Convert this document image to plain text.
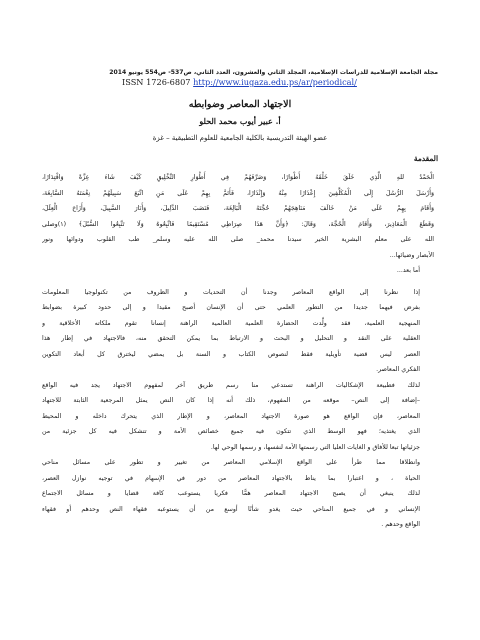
مجلة الجامعة الإسلامية للدراسات الإسلامية، المجلد الثاني والعشرون، العدد الثاني، ص537- ص554 يونيو 2014
ISSN 1726-6807 http://www.iugaza.edu.ps/ar/periodical/
الاجتهاد المعاصر وضوابطه
أ. عبير أيوب محمد الحلو
عضو الهيئة التدريسية بالكلية الجامعية للعلوم التطبيقية – غزة
المقدمة
الْحَمْدُ للهِ الَّذِي خَلَقَ خَلْقَهُ أَطْوَارًا، وَصَرَّفَهُمْ فِي أَطْوَارِ التَّخْلِيقِ كَيْفَ شَاءَ عِزَّةً وَاقْتِدَارًا،
وَأَرْسَلَ الرُّسُلَ إِلَى الْمُكَلَّفِينَ إِعْذَارًا مِنْهُ وَإِنْذَارًا، فَأَتَمَّ بِهِمْ عَلَى مَنِ اتَّبَعَ سَبِيلَهُمْ نِعْمَتَهُ السَّابِغَةَ،
وَأَقَامَ بِهِمْ عَلَى مَنْ خَالَفَ مَنَاهِجَهُمْ حُجَّتَهُ الْبَالِغَةَ، فَنَصَبَ الدَّلِيلَ، وَأَنَارَ السَّبِيلَ، وَأَزَاحَ الْعِلَلَ،
وَقَطَعَ الْمَعَاذِيرَ، وَأَقَامَ الْحُجَّةَ، وَقَالَ: ﴿وَأَنَّ هَذَا صِرَاطِي مُسْتَقِيمًا فَاتَّبِعُوهُ وَلَا تَتَّبِعُوا السُّبُلَ﴾ (١)وصلى
الله على معلم البشرية الخير سيدنا محمد_ صلى الله عليه وسلم_ طب القلوب ودوائها ونور
الأبصار وضيائها...
أما بعد...
إذا نظرنا إلى الواقع المعاصر وجدنا أن التحديات و الظروف من تكنولوجيا المعلومات
بفرض فيهما جديدا من التطور العلمي حتى أن الإنسان أصبح مقيدا و إلى حدود كبيرة بضوابط
المنهجية العلمية، فقد ولَّدت الحضارة العلمية العالمية الراهنة إنسانا تقوم ملكاته الأخلاقية و
العقلية على النقد و التحليل و البحث و الارتباط بما يمكن التحقق منه، فالاجتهاد في إطار هذا
العصر ليس قضية تأويلية فقط لنصوص الكتاب و السنة بل يمضي ليخترق كل أبعاد التكوين
الفكري المعاصر.
لذلك فطبيعة الإشكاليات الراهنة تستدعي منا رسم طريق آخر لمفهوم الاجتهاد يجد فيه الواقع
–إضافة إلى النص– موقعه من المفهوم، ذلك أنه إذا كان النص يمثل المرجعية الثابتة للاجتهاد
المعاصر، فإن الواقع هو صورة الاجتهاد المعاصر، و الإطار الذي يتحرك داخله و المحيط
الذي يغتذيه؛ فهو الوسط الذي تتكون فيه جميع خصائص الأمة و تتشكل فيه كل جزئية من
جزئياتها تبعا للأفاق و الغايات العليا التي رسمتها الأمة لنفسها، و رسمها الوحي لها.
وانطلاقا مما طرأ على الواقع الإسلامي المعاصر من تغيير و تطور على مسائل مناحي
الحياة ، و اعتبارا بما يناط بالاجتهاد المعاصر من دور في الإسهام في توجيه نوازل العصر،
لذلك ينبغي أن يصبح الاجتهاد المعاصر همًّا فكريا يستوعب كافة قضايا و مسائل الاجتماع
الإنساني و في جميع المناحي حيث يغدو شأنًا أوسع من أن يستوعبه فقهاء النص وحدهم أو فقهاء
الواقع وحدهم .
